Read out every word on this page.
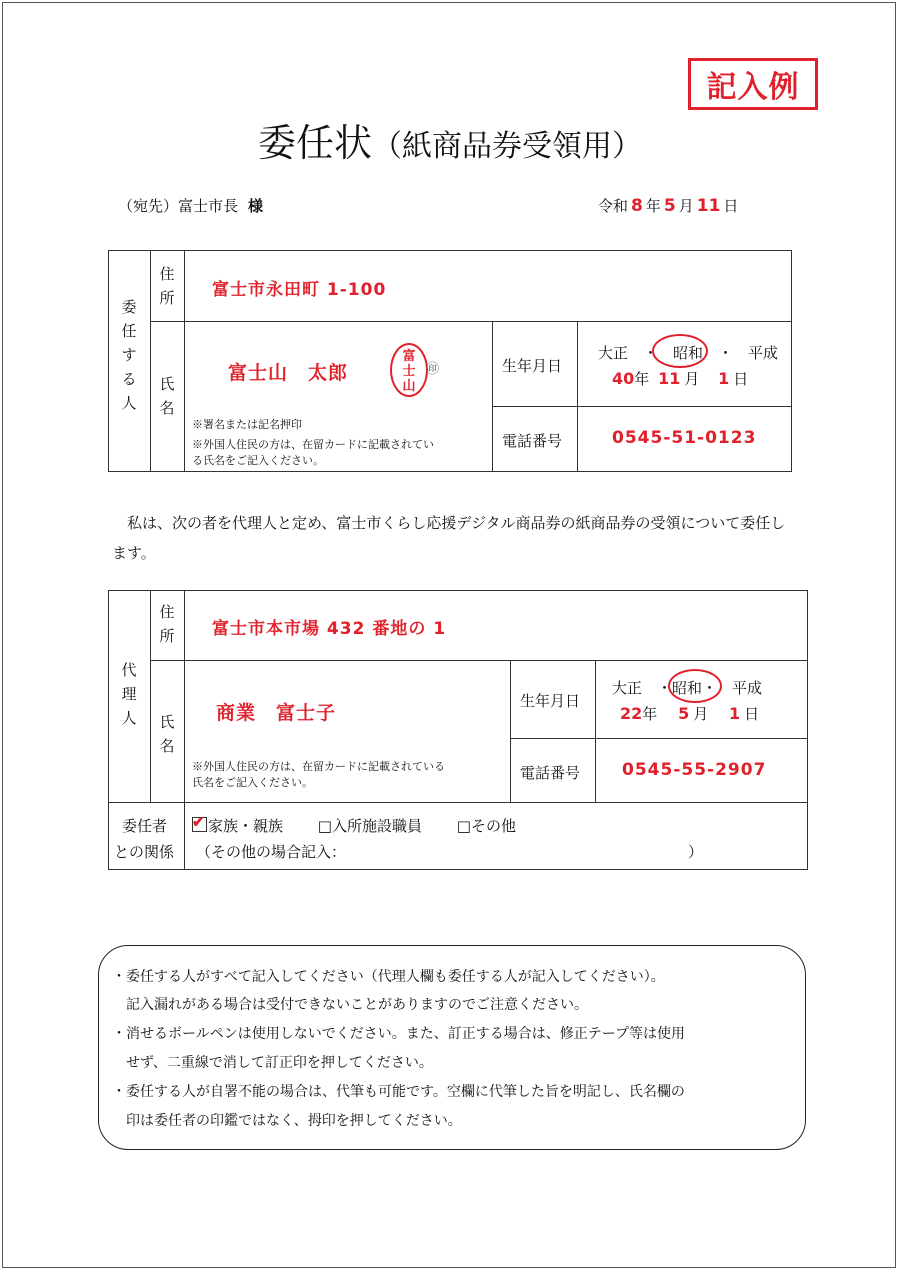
記入例
委任状（紙商品券受領用）
（宛先）富士市長 様	令和 8 年 5 月 11 日
委任する人
住所 富士市永田町 1-100
氏名
富士山　太郎
富士山
㊞
※署名または記名押印
※外国人住民の方は、在留カードに記載されてい
る氏名をご記入ください。
生年月日
大正　・　昭和　・　平成
40年 11 月 1 日
電話番号	0545-51-0123
私は、次の者を代理人と定め、富士市くらし応援デジタル商品券の紙商品券の受領について委任します。
代理人
住所 富士市本市場 432 番地の 1
氏名
商業　富士子
※外国人住民の方は、在留カードに記載されている
氏名をご記入ください。
生年月日
大正　・昭和・　平成
22年 5 月 1 日
電話番号 0545-55-2907
委任者
との関係
✔ 家族・親族 □入所施設職員 □その他
（その他の場合記入：	）
・委任する人がすべて記入してください（代理人欄も委任する人が記入してください）。
記入漏れがある場合は受付できないことがありますのでご注意ください。
・消せるボールペンは使用しないでください。また、訂正する場合は、修正テープ等は使用
せず、二重線で消して訂正印を押してください。
・委任する人が自署不能の場合は、代筆も可能です。空欄に代筆した旨を明記し、氏名欄の
印は委任者の印鑑ではなく、拇印を押してください。
